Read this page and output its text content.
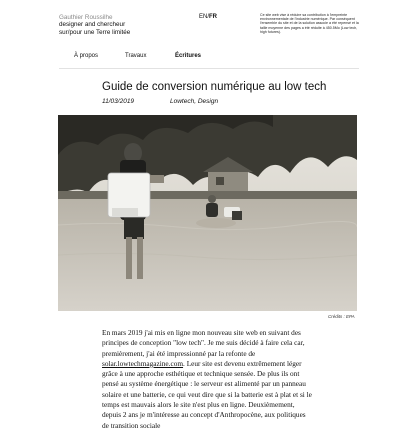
Gauthier Roussilhe
designer and chercheur
sur/pour une Terre limitée
EN/FR	Ce site web vise à réduire sa contribution à l'empreinte environnementale de l'industrie numérique. Par conséquent l'ensemble du site et de la solution associe a été repensé et la taille moyenne des pages a été réduite à 450.5Mo (Low tech, high futures).
À propos	Travaux	Écritures
Guide de conversion numérique au low tech
11/03/2019	Lowtech, Design
Crédits : EPA
En mars 2019 j'ai mis en ligne mon nouveau site web en suivant des principes de conception "low tech". Je me suis décidé à faire cela car, premièrement, j'ai été impressionné par la refonte de solar.lowtechmagazine.com. Leur site est devenu extrêmement léger grâce à une approche esthétique et technique sensée. De plus ils ont pensé au système énergétique : le serveur est alimenté par un panneau solaire et une batterie, ce qui veut dire que si la batterie est à plat et si le temps est mauvais alors le site n'est plus en ligne. Deuxièmement, depuis 2 ans je m'intéresse au concept d'Anthropocène, aux politiques de transition sociale
